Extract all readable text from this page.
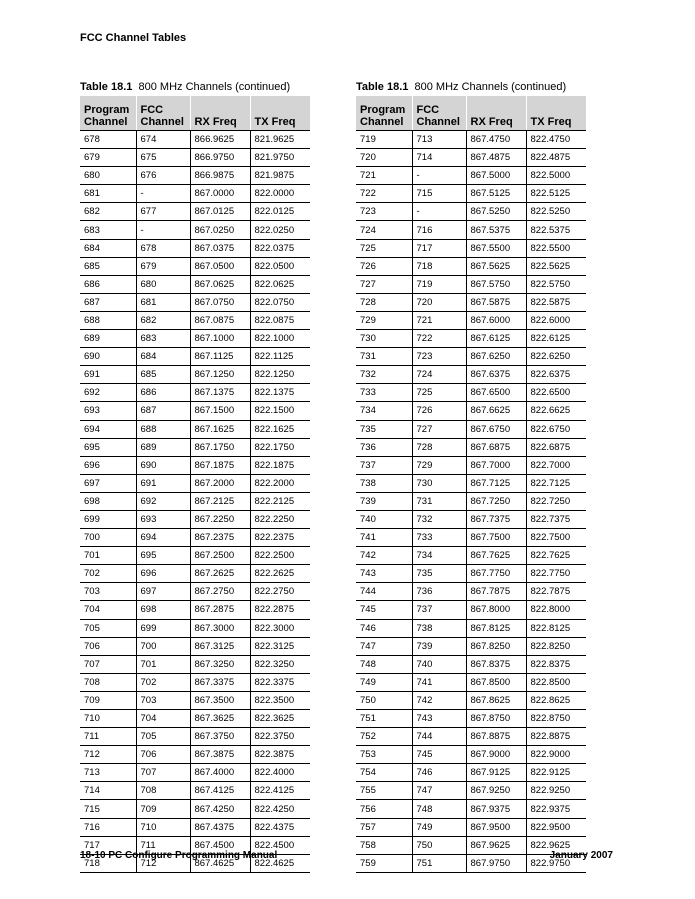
FCC Channel Tables
Table 18.1 800 MHz Channels (continued)
Program Channel	FCC Channel	RX Freq	TX Freq
678	674	866.9625	821.9625
679	675	866.9750	821.9750
680	676	866.9875	821.9875
681	-	867.0000	822.0000
682	677	867.0125	822.0125
683	-	867.0250	822.0250
684	678	867.0375	822.0375
685	679	867.0500	822.0500
686	680	867.0625	822.0625
687	681	867.0750	822.0750
688	682	867.0875	822.0875
689	683	867.1000	822.1000
690	684	867.1125	822.1125
691	685	867.1250	822.1250
692	686	867.1375	822.1375
693	687	867.1500	822.1500
694	688	867.1625	822.1625
695	689	867.1750	822.1750
696	690	867.1875	822.1875
697	691	867.2000	822.2000
698	692	867.2125	822.2125
699	693	867.2250	822.2250
700	694	867.2375	822.2375
701	695	867.2500	822.2500
702	696	867.2625	822.2625
703	697	867.2750	822.2750
704	698	867.2875	822.2875
705	699	867.3000	822.3000
706	700	867.3125	822.3125
707	701	867.3250	822.3250
708	702	867.3375	822.3375
709	703	867.3500	822.3500
710	704	867.3625	822.3625
711	705	867.3750	822.3750
712	706	867.3875	822.3875
713	707	867.4000	822.4000
714	708	867.4125	822.4125
715	709	867.4250	822.4250
716	710	867.4375	822.4375
717	711	867.4500	822.4500
718	712	867.4625	822.4625
Table 18.1 800 MHz Channels (continued)
Program Channel	FCC Channel	RX Freq	TX Freq
719	713	867.4750	822.4750
720	714	867.4875	822.4875
721	-	867.5000	822.5000
722	715	867.5125	822.5125
723	-	867.5250	822.5250
724	716	867.5375	822.5375
725	717	867.5500	822.5500
726	718	867.5625	822.5625
727	719	867.5750	822.5750
728	720	867.5875	822.5875
729	721	867.6000	822.6000
730	722	867.6125	822.6125
731	723	867.6250	822.6250
732	724	867.6375	822.6375
733	725	867.6500	822.6500
734	726	867.6625	822.6625
735	727	867.6750	822.6750
736	728	867.6875	822.6875
737	729	867.7000	822.7000
738	730	867.7125	822.7125
739	731	867.7250	822.7250
740	732	867.7375	822.7375
741	733	867.7500	822.7500
742	734	867.7625	822.7625
743	735	867.7750	822.7750
744	736	867.7875	822.7875
745	737	867.8000	822.8000
746	738	867.8125	822.8125
747	739	867.8250	822.8250
748	740	867.8375	822.8375
749	741	867.8500	822.8500
750	742	867.8625	822.8625
751	743	867.8750	822.8750
752	744	867.8875	822.8875
753	745	867.9000	822.9000
754	746	867.9125	822.9125
755	747	867.9250	822.9250
756	748	867.9375	822.9375
757	749	867.9500	822.9500
758	750	867.9625	822.9625
759	751	867.9750	822.9750
18-10 PC Configure Programming Manual	January 2007
